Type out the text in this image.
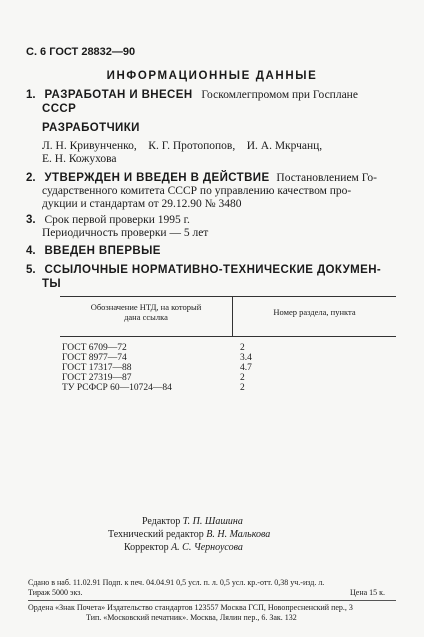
С. 6 ГОСТ 28832—90
ИНФОРМАЦИОННЫЕ ДАННЫЕ
1. РАЗРАБОТАН И ВНЕСЕН Госкомлегпромом при Госплане
СССР
РАЗРАБОТЧИКИ
Л. Н. Кривунченко,    К. Г. Протопопов,    И. А. Мкрчанц,
Е. Н. Кожухова
2. УТВЕРЖДЕН И ВВЕДЕН В ДЕЙСТВИЕ Постановлением Го-
сударственного комитета СССР по управлению качеством про-
дукции и стандартам от 29.12.90 № 3480
3. Срок первой проверки 1995 г.
Периодичность проверки — 5 лет
4. ВВЕДЕН ВПЕРВЫЕ
5. ССЫЛОЧНЫЕ НОРМАТИВНО-ТЕХНИЧЕСКИЕ ДОКУМЕН-
ТЫ
Обозначение НТД, на который
дана ссылка	Номер раздела, пункта
ГОСТ 6709—72	2
ГОСТ 8977—74	3.4
ГОСТ 17317—88	4.7
ГОСТ 27319—87	2
ТУ РСФСР 60—10724—84	2
Редактор Т. П. Шашина
Технический редактор В. Н. Малькова
Корректор А. С. Черноусова
Сдано в наб. 11.02.91 Подп. к печ. 04.04.91 0,5 усл. п. л. 0,5 усл. кр.-отт. 0,38 уч.-изд. л.
Тираж 5000 экз.	Цена 15 к.
Ордена «Знак Почета» Издательство стандартов 123557 Москва ГСП, Новопресненский пер., 3
Тип. «Московский печатник». Москва, Лялин пер., 6. Зак. 132
